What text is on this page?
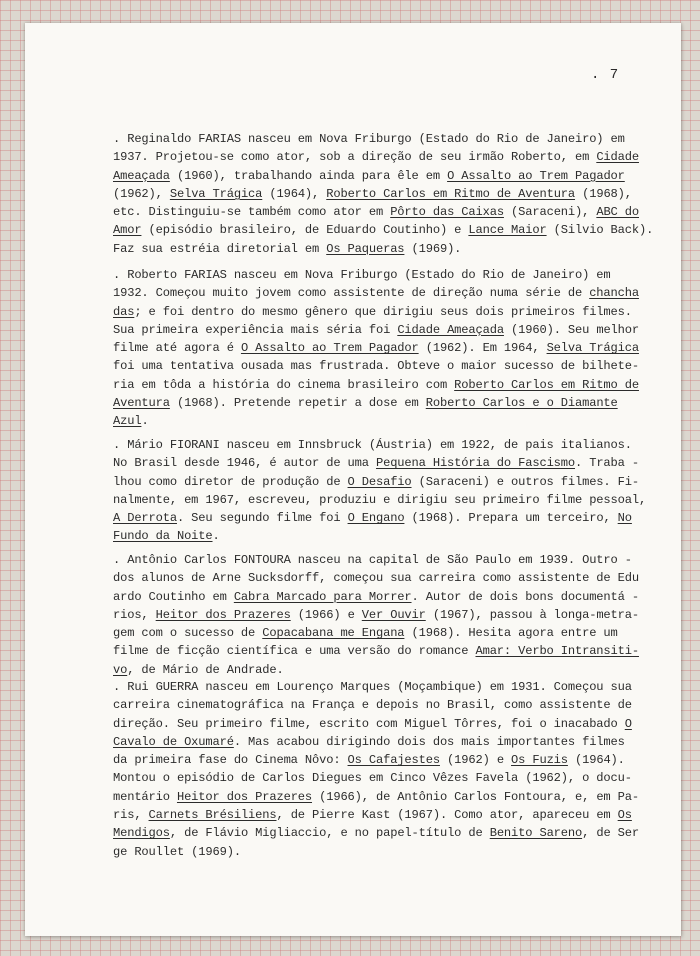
. 7
. Reginaldo FARIAS nasceu em Nova Friburgo (Estado do Rio de Janeiro) em
1937. Projetou-se como ator, sob a direção de seu irmão Roberto, em Cidade
Ameaçada (1960), trabalhando ainda para êle em O Assalto ao Trem Pagador
(1962), Selva Trágica (1964), Roberto Carlos em Ritmo de Aventura (1968),
etc. Distinguiu-se também como ator em Pôrto das Caixas (Saraceni), ABC do
Amor (episódio brasileiro, de Eduardo Coutinho) e Lance Maior (Silvio Back).
Faz sua estréia diretorial em Os Paqueras (1969).
. Roberto FARIAS nasceu em Nova Friburgo (Estado do Rio de Janeiro) em
1932. Começou muito jovem como assistente de direção numa série de chancha
das; e foi dentro do mesmo gênero que dirigiu seus dois primeiros filmes.
Sua primeira experiência mais séria foi Cidade Ameaçada (1960). Seu melhor
filme até agora é O Assalto ao Trem Pagador (1962). Em 1964, Selva Trágica
foi uma tentativa ousada mas frustrada. Obteve o maior sucesso de bilhete-
ria em tôda a história do cinema brasileiro com Roberto Carlos em Ritmo de
Aventura (1968). Pretende repetir a dose em Roberto Carlos e o Diamante
Azul.
. Mário FIORANI nasceu em Innsbruck (Áustria) em 1922, de pais italianos.
No Brasil desde 1946, é autor de uma Pequena História do Fascismo. Traba -
lhou como diretor de produção de O Desafio (Saraceni) e outros filmes. Fi-
nalmente, em 1967, escreveu, produziu e dirigiu seu primeiro filme pessoal,
A Derrota. Seu segundo filme foi O Engano (1968). Prepara um terceiro, No
Fundo da Noite.
. Antônio Carlos FONTOURA nasceu na capital de São Paulo em 1939. Outro -
dos alunos de Arne Sucksdorff, começou sua carreira como assistente de Edu
ardo Coutinho em Cabra Marcado para Morrer. Autor de dois bons documentá -
rios, Heitor dos Prazeres (1966) e Ver Ouvir (1967), passou à longa-metra-
gem com o sucesso de Copacabana me Engana (1968). Hesita agora entre um
filme de ficção científica e uma versão do romance Amar: Verbo Intransiti-
vo, de Mário de Andrade.
. Rui GUERRA nasceu em Lourenço Marques (Moçambique) em 1931. Começou sua
carreira cinematográfica na França e depois no Brasil, como assistente de
direção. Seu primeiro filme, escrito com Miguel Tôrres, foi o inacabado O
Cavalo de Oxumaré. Mas acabou dirigindo dois dos mais importantes filmes
da primeira fase do Cinema Nôvo: Os Cafajestes (1962) e Os Fuzis (1964).
Montou o episódio de Carlos Diegues em Cinco Vêzes Favela (1962), o docu-
mentário Heitor dos Prazeres (1966), de Antônio Carlos Fontoura, e, em Pa-
ris, Carnets Brésiliens, de Pierre Kast (1967). Como ator, apareceu em Os
Mendigos, de Flávio Migliaccio, e no papel-título de Benito Sareno, de Ser
ge Roullet (1969).
